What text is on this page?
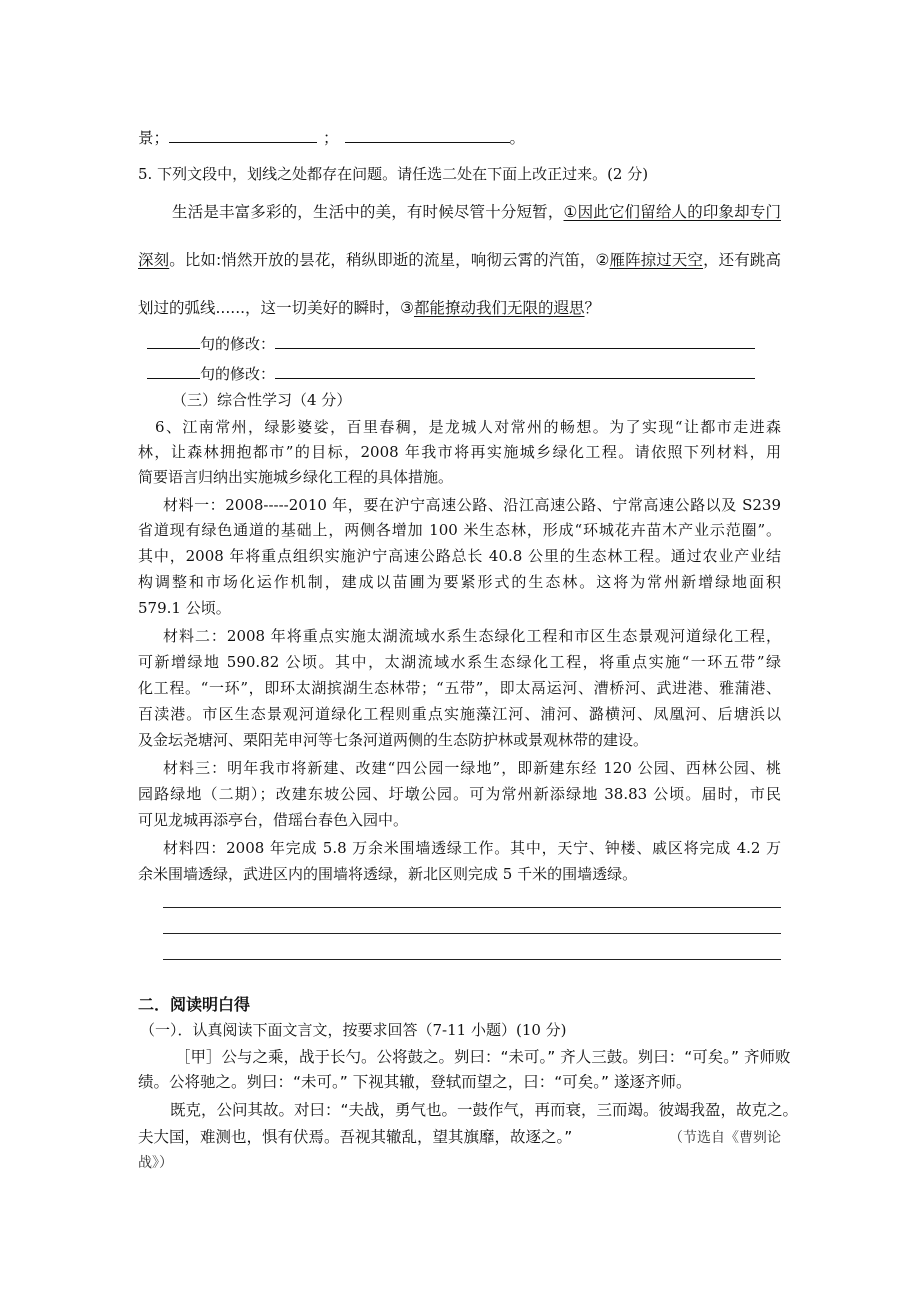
景；	；	。
5. 下列文段中，划线之处都存在问题。请任选二处在下面上改正过来。(2 分)
生活是丰富多彩的，生活中的美，有时候尽管十分短暂，①因此它们留给人的印象却专门
深刻。比如:悄然开放的昙花，稍纵即逝的流星，响彻云霄的汽笛，②雁阵掠过天空，还有跳高
划过的弧线......，这一切美好的瞬时，③都能撩动我们无限的遐思？
句的修改：
句的修改：
（三）综合性学习（4 分）
6、江南常州，绿影婆娑，百里春稠，是龙城人对常州的畅想。为了实现“让都市走进森
林，让森林拥抱都市”的目标，2008 年我市将再实施城乡绿化工程。请依照下列材料，用
简要语言归纳出实施城乡绿化工程的具体措施。
材料一：2008-----2010 年，要在沪宁高速公路、沿江高速公路、宁常高速公路以及 S239
省道现有绿色通道的基础上，两侧各增加 100 米生态林，形成“环城花卉苗木产业示范圈”。
其中，2008 年将重点组织实施沪宁高速公路总长 40.8 公里的生态林工程。通过农业产业结
构调整和市场化运作机制，建成以苗圃为要紧形式的生态林。这将为常州新增绿地面积
579.1 公顷。
材料二：2008 年将重点实施太湖流域水系生态绿化工程和市区生态景观河道绿化工程，
可新增绿地 590.82 公顷。其中，太湖流域水系生态绿化工程，将重点实施“一环五带”绿
化工程。“一环”，即环太湖摈湖生态林带；“五带”，即太鬲运河、漕桥河、武进港、雅蒲港、
百渎港。市区生态景观河道绿化工程则重点实施藻江河、浦河、潞横河、凤凰河、后塘浜以
及金坛尧塘河、栗阳芜申河等七条河道两侧的生态防护林或景观林带的建设。
材料三：明年我市将新建、改建“四公园一绿地”，即新建东经 120 公园、西林公园、桃
园路绿地（二期）；改建东坡公园、圩墩公园。可为常州新添绿地 38.83 公顷。届时，市民
可见龙城再添亭台，借瑶台春色入园中。
材料四：2008 年完成 5.8 万余米围墙透绿工作。其中，天宁、钟楼、戚区将完成 4.2 万
余米围墙透绿，武进区内的围墙将透绿，新北区则完成 5 千米的围墙透绿。
二．阅读明白得
（一）．认真阅读下面文言文，按要求回答（7-11 小题）(10 分)
［甲］公与之乘，战于长勺。公将鼓之。刿曰：“未可。” 齐人三鼓。刿曰：“可矣。” 齐师败
绩。公将驰之。刿曰：“未可。” 下视其辙，登轼而望之，曰：“可矣。” 遂逐齐师。
既克，公问其故。对曰：“夫战，勇气也。一鼓作气，再而衰，三而竭。彼竭我盈，故克之。
夫大国，难测也，惧有伏焉。吾视其辙乱，望其旗靡，故逐之。”	（节选自《曹刿论
战》）
